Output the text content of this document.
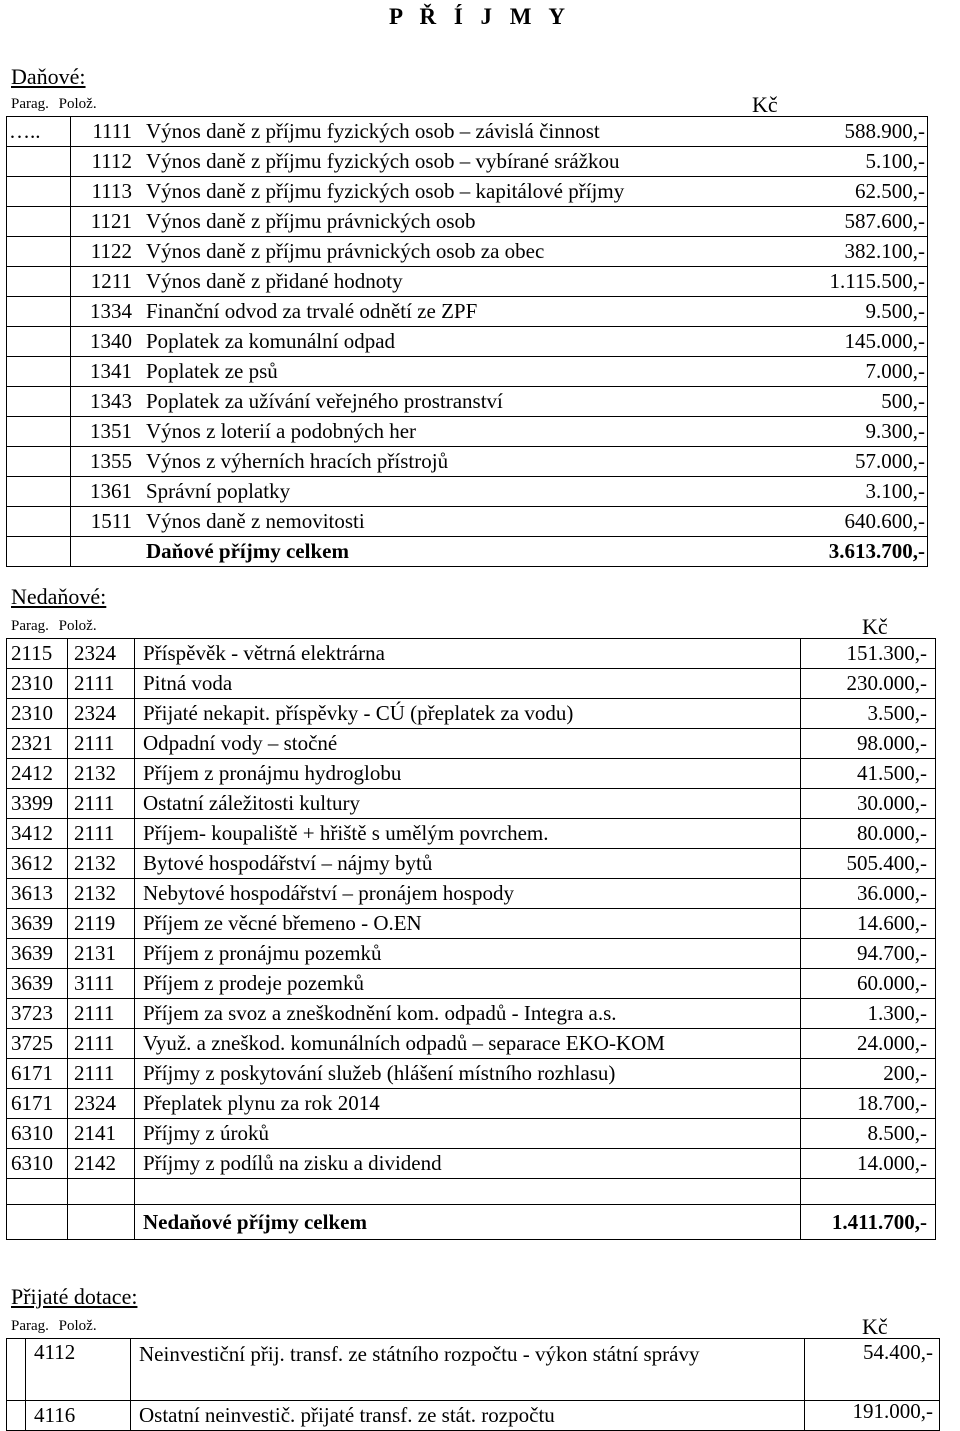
P Ř Í J M Y
Daňové:
Parag. Polož.	Kč
…..	1111	Výnos daně z příjmu fyzických osob – závislá činnost	588.900,-
	1112	Výnos daně z příjmu fyzických osob – vybírané srážkou	5.100,-
	1113	Výnos daně z příjmu fyzických osob – kapitálové příjmy	62.500,-
	1121	Výnos daně z příjmu právnických osob	587.600,-
	1122	Výnos daně z příjmu právnických osob za obec	382.100,-
	1211	Výnos daně z přidané hodnoty	1.115.500,-
	1334	Finanční odvod za trvalé odnětí ze ZPF	9.500,-
	1340	Poplatek za komunální odpad	145.000,-
	1341	Poplatek ze psů	7.000,-
	1343	Poplatek za užívání veřejného prostranství	500,-
	1351	Výnos z loterií a podobných her	9.300,-
	1355	Výnos z výherních hracích přístrojů	57.000,-
	1361	Správní poplatky	3.100,-
	1511	Výnos daně z nemovitosti	640.600,-
		Daňové příjmy celkem	3.613.700,-
Nedaňové:
Parag. Polož.	Kč
2115	2324	Příspěvěk - větrná elektrárna	151.300,-
2310	2111	Pitná voda	230.000,-
2310	2324	Přijaté nekapit. příspěvky - CÚ (přeplatek za vodu)	3.500,-
2321	2111	Odpadní vody – stočné	98.000,-
2412	2132	Příjem z pronájmu hydroglobu	41.500,-
3399	2111	Ostatní záležitosti kultury	30.000,-
3412	2111	Příjem- koupaliště + hřiště s umělým povrchem.	80.000,-
3612	2132	Bytové hospodářství – nájmy bytů	505.400,-
3613	2132	Nebytové hospodářství – pronájem hospody	36.000,-
3639	2119	Příjem ze věcné břemeno - O.EN	14.600,-
3639	2131	Příjem z pronájmu pozemků	94.700,-
3639	3111	Příjem z prodeje pozemků	60.000,-
3723	2111	Příjem za svoz a zneškodnění kom. odpadů - Integra a.s.	1.300,-
3725	2111	Využ. a zneškod. komunálních odpadů – separace EKO-KOM	24.000,-
6171	2111	Příjmy z poskytování služeb (hlášení místního rozhlasu)	200,-
6171	2324	Přeplatek plynu za rok 2014	18.700,-
6310	2141	Příjmy z úroků	8.500,-
6310	2142	Příjmy z podílů na zisku a dividend	14.000,-

		Nedaňové příjmy celkem	1.411.700,-
Přijaté dotace:
Parag. Polož.	Kč
	4112	Neinvestiční přij. transf. ze státního rozpočtu - výkon státní správy	54.400,-
	4116	Ostatní neinvestič. přijaté transf. ze stát. rozpočtu	191.000,-
